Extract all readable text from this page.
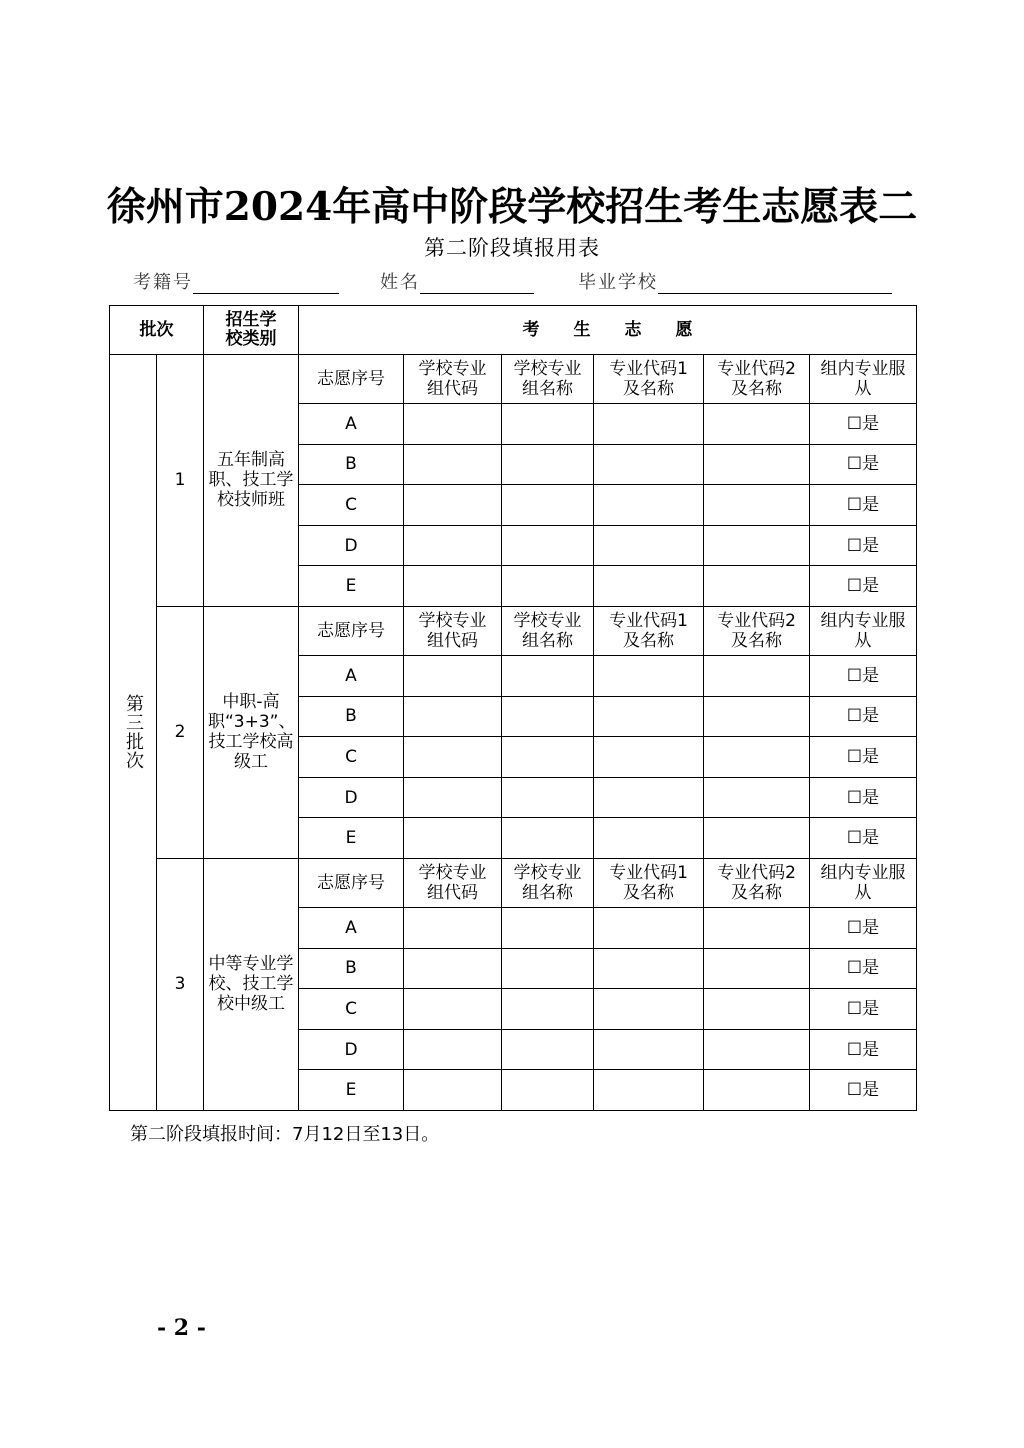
徐州市2024年高中阶段学校招生考生志愿表二
第二阶段填报用表
考籍号	姓名	毕业学校
批次		招生学校类别	考生志愿					

第三批次	1	五年制高职、技工学校技师班	志愿序号	学校专业组代码	学校专业组名称	专业代码1及名称	专业代码2及名称	组内专业服从
			A					☐是
			B					☐是
			C					☐是
			D					☐是
			E					☐是
	2	中职-高职“3+3”、技工学校高级工	志愿序号	学校专业组代码	学校专业组名称	专业代码1及名称	专业代码2及名称	组内专业服从
			A					☐是
			B					☐是
			C					☐是
			D					☐是
			E					☐是
	3	中等专业学校、技工学校中级工	志愿序号	学校专业组代码	学校专业组名称	专业代码1及名称	专业代码2及名称	组内专业服从
			A					☐是
			B					☐是
			C					☐是
			D					☐是
			E					☐是
第二阶段填报时间：7月12日至13日。
- 2 -
